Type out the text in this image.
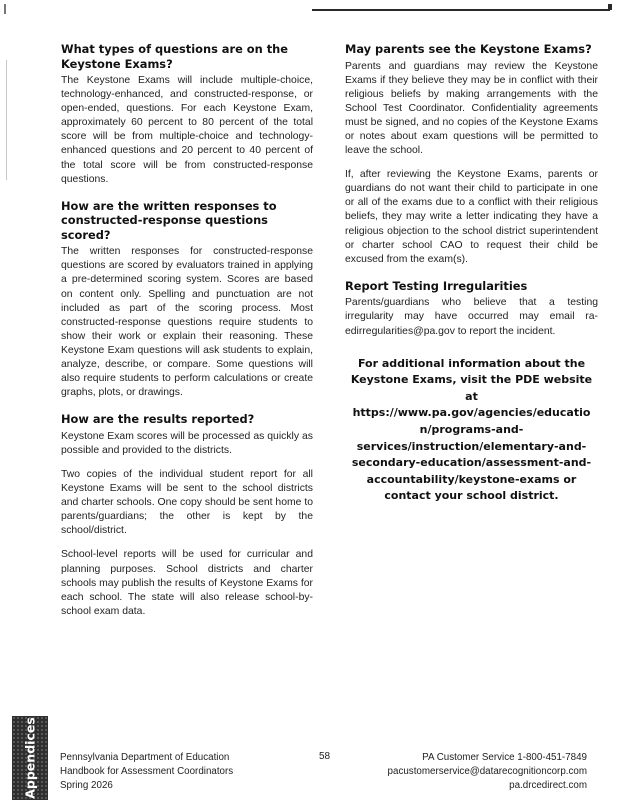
What types of questions are on the Keystone Exams?

The Keystone Exams will include multiple-choice, technology-enhanced, and constructed-response, or open-ended, questions. For each Keystone Exam, approximately 60 percent to 80 percent of the total score will be from multiple-choice and technology-enhanced questions and 20 percent to 40 percent of the total score will be from constructed-response questions.

How are the written responses to constructed-response questions scored?

The written responses for constructed-response questions are scored by evaluators trained in applying a pre-determined scoring system. Scores are based on content only. Spelling and punctuation are not included as part of the scoring process. Most constructed-response questions require students to show their work or explain their reasoning. These Keystone Exam questions will ask students to explain, analyze, describe, or compare. Some questions will also require students to perform calculations or create graphs, plots, or drawings.

How are the results reported?

Keystone Exam scores will be processed as quickly as possible and provided to the districts.

Two copies of the individual student report for all Keystone Exams will be sent to the school districts and charter schools. One copy should be sent home to parents/guardians; the other is kept by the school/district.

School-level reports will be used for curricular and planning purposes. School districts and charter schools may publish the results of Keystone Exams for each school. The state will also release school-by-school exam data.

May parents see the Keystone Exams?

Parents and guardians may review the Keystone Exams if they believe they may be in conflict with their religious beliefs by making arrangements with the School Test Coordinator. Confidentiality agreements must be signed, and no copies of the Keystone Exams or notes about exam questions will be permitted to leave the school.

If, after reviewing the Keystone Exams, parents or guardians do not want their child to participate in one or all of the exams due to a conflict with their religious beliefs, they may write a letter indicating they have a religious objection to the school district superintendent or charter school CAO to request their child be excused from the exam(s).

Report Testing Irregularities

Parents/guardians who believe that a testing irregularity may have occurred may email ra-edirregularities@pa.gov to report the incident.

For additional information about the Keystone Exams, visit the PDE website at https://www.pa.gov/agencies/education/programs-and-services/instruction/elementary-and-secondary-education/assessment-and-accountability/keystone-exams or contact your school district.
Appendices Pennsylvania Department of Education
Handbook for Assessment Coordinators
Spring 2026
58	PA Customer Service 1-800-451-7849
pacustomerservice@datarecognitioncorp.com
pa.drcedirect.com
